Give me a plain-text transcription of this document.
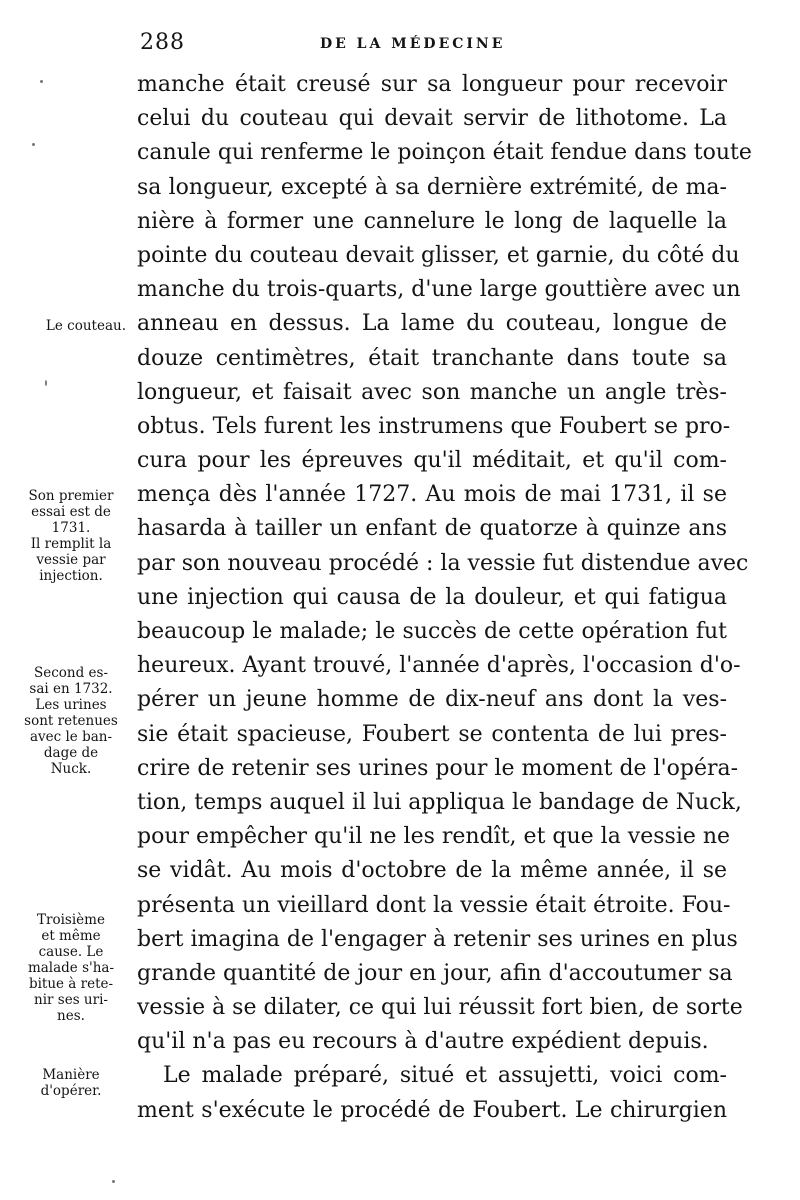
288	DE LA MÉDECINE
Le couteau.
Son premier
essai est de
1731.
Il remplit la
vessie par
injection.
Second es-
sai en 1732.
Les urines
sont retenues
avec le ban-
dage de
Nuck.
Troisième
et même
cause. Le
malade s'ha-
bitue à rete-
nir ses uri-
nes.
Manière
d'opérer.
manche était creusé sur sa longueur pour recevoir
celui du couteau qui devait servir de lithotome. La
canule qui renferme le poinçon était fendue dans toute
sa longueur, excepté à sa dernière extrémité, de ma-
nière à former une cannelure le long de laquelle la
pointe du couteau devait glisser, et garnie, du côté du
manche du trois-quarts, d'une large gouttière avec un
anneau en dessus. La lame du couteau, longue de
douze centimètres, était tranchante dans toute sa
longueur, et faisait avec son manche un angle très-
obtus. Tels furent les instrumens que Foubert se pro-
cura pour les épreuves qu'il méditait, et qu'il com-
mença dès l'année 1727. Au mois de mai 1731, il se
hasarda à tailler un enfant de quatorze à quinze ans
par son nouveau procédé : la vessie fut distendue avec
une injection qui causa de la douleur, et qui fatigua
beaucoup le malade; le succès de cette opération fut
heureux. Ayant trouvé, l'année d'après, l'occasion d'o-
pérer un jeune homme de dix-neuf ans dont la ves-
sie était spacieuse, Foubert se contenta de lui pres-
crire de retenir ses urines pour le moment de l'opéra-
tion, temps auquel il lui appliqua le bandage de Nuck,
pour empêcher qu'il ne les rendît, et que la vessie ne
se vidât. Au mois d'octobre de la même année, il se
présenta un vieillard dont la vessie était étroite. Fou-
bert imagina de l'engager à retenir ses urines en plus
grande quantité de jour en jour, afin d'accoutumer sa
vessie à se dilater, ce qui lui réussit fort bien, de sorte
qu'il n'a pas eu recours à d'autre expédient depuis.
Le malade préparé, situé et assujetti, voici com-
ment s'exécute le procédé de Foubert. Le chirurgien
